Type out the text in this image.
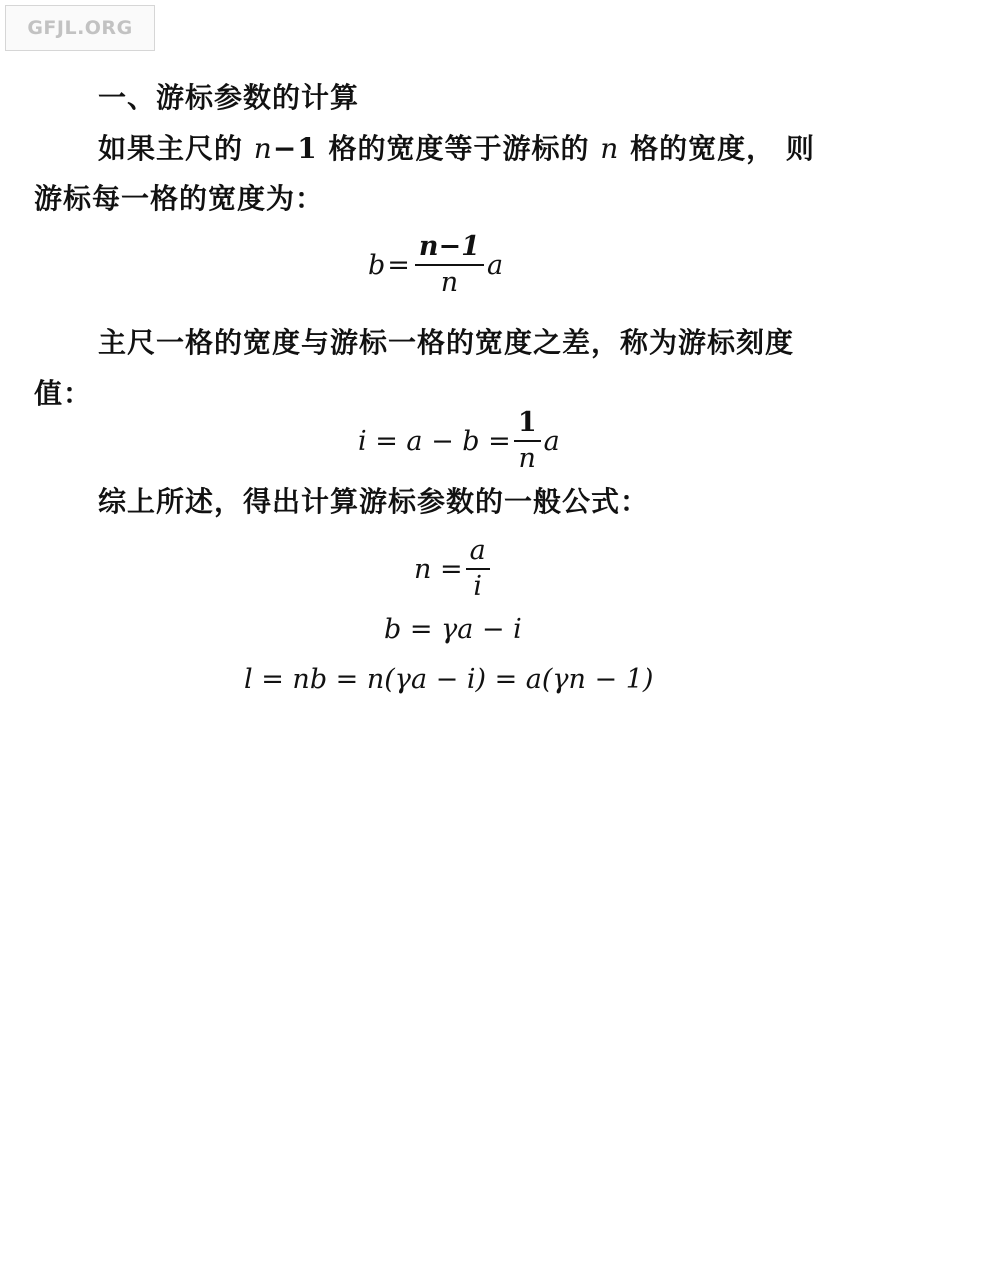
GFJL.ORG
一、游标参数的计算
如果主尺的 n−1 格的宽度等于游标的 n 格的宽度， 则
游标每一格的宽度为：
$b = \frac{n-1}{n}$ a
主尺一格的宽度与游标一格的宽度之差，称为游标刻度
值：
$i = a - b = \frac{1}{n}$ a
综上所述，得出计算游标参数的一般公式：
$n = \frac{a}{i}$
b = γa − i
l = nb = n(γa − i) = a(γn − 1)
